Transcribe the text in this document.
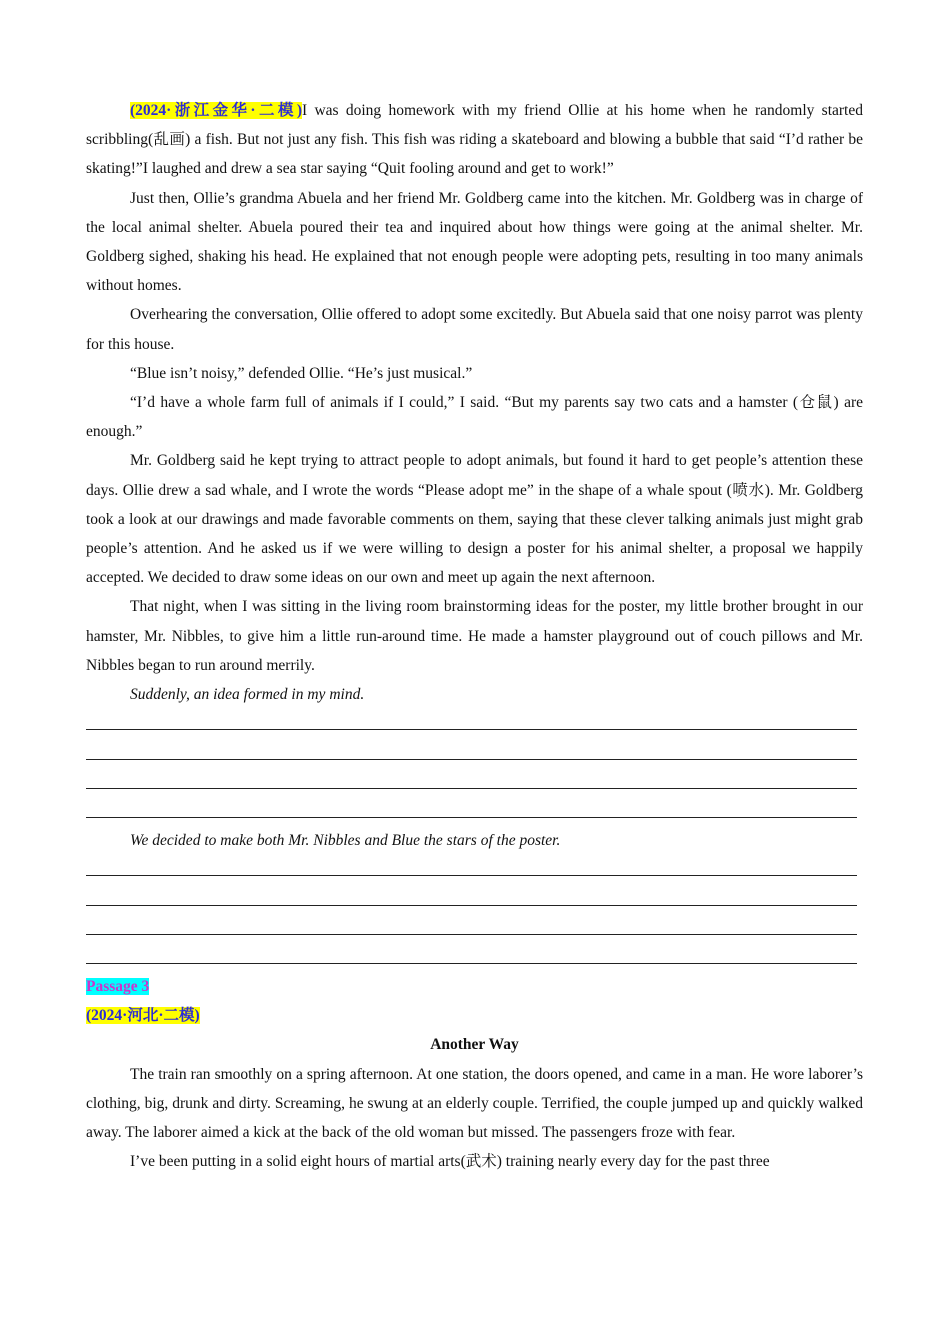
(2024·浙江金华·二模)I was doing homework with my friend Ollie at his home when he randomly started scribbling(乱画) a fish. But not just any fish. This fish was riding a skateboard and blowing a bubble that said “I’d rather be skating!”I laughed and drew a sea star saying “Quit fooling around and get to work!”

Just then, Ollie’s grandma Abuela and her friend Mr. Goldberg came into the kitchen. Mr. Goldberg was in charge of the local animal shelter. Abuela poured their tea and inquired about how things were going at the animal shelter. Mr. Goldberg sighed, shaking his head. He explained that not enough people were adopting pets, resulting in too many animals without homes.

Overhearing the conversation, Ollie offered to adopt some excitedly. But Abuela said that one noisy parrot was plenty for this house.

“Blue isn’t noisy,” defended Ollie. “He’s just musical.”

“I’d have a whole farm full of animals if I could,” I said. “But my parents say two cats and a hamster (仓鼠) are enough.”

Mr. Goldberg said he kept trying to attract people to adopt animals, but found it hard to get people’s attention these days. Ollie drew a sad whale, and I wrote the words “Please adopt me” in the shape of a whale spout (喷水). Mr. Goldberg took a look at our drawings and made favorable comments on them, saying that these clever talking animals just might grab people’s attention. And he asked us if we were willing to design a poster for his animal shelter, a proposal we happily accepted. We decided to draw some ideas on our own and meet up again the next afternoon.

That night, when I was sitting in the living room brainstorming ideas for the poster, my little brother brought in our hamster, Mr. Nibbles, to give him a little run-around time. He made a hamster playground out of couch pillows and Mr. Nibbles began to run around merrily.

Suddenly, an idea formed in my mind.

We decided to make both Mr. Nibbles and Blue the stars of the poster.

Passage 3

(2024·河北·二模)

Another Way

The train ran smoothly on a spring afternoon. At one station, the doors opened, and came in a man. He wore laborer’s clothing, big, drunk and dirty. Screaming, he swung at an elderly couple. Terrified, the couple jumped up and quickly walked away. The laborer aimed a kick at the back of the old woman but missed. The passengers froze with fear.

I’ve been putting in a solid eight hours of martial arts(武术) training nearly every day for the past three
